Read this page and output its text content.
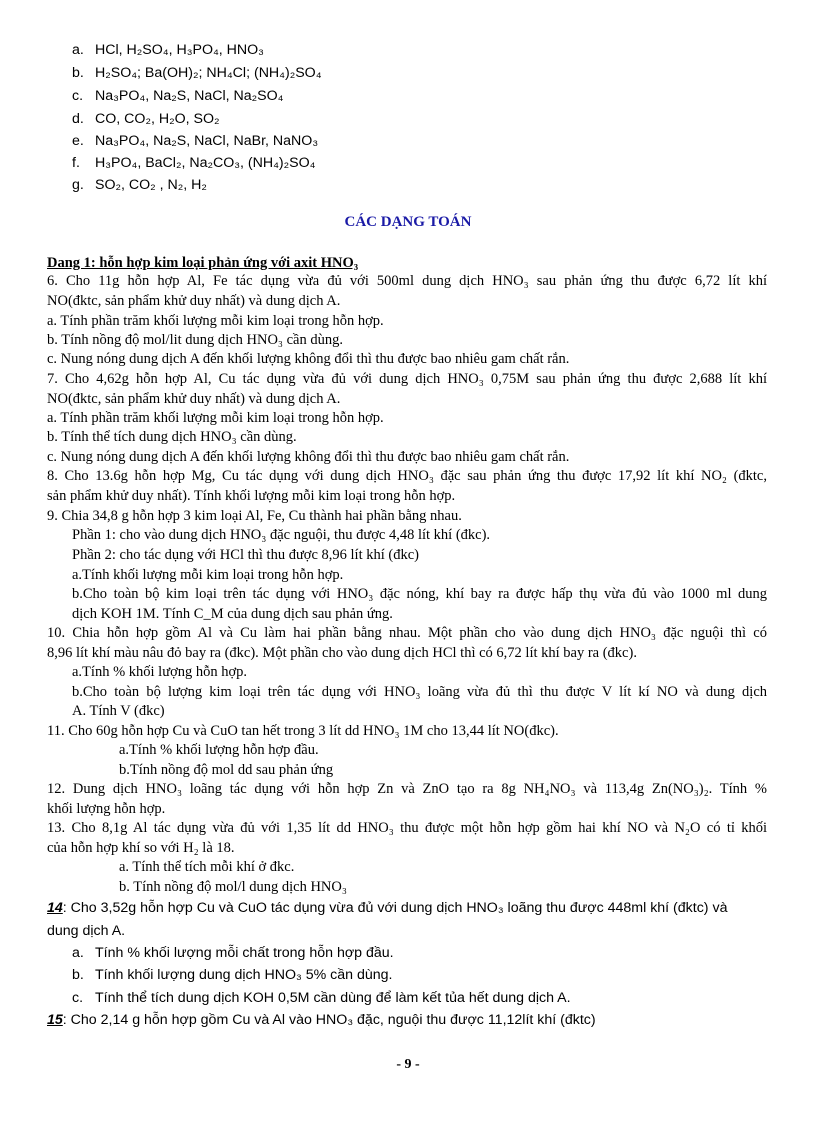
a. HCl, H₂SO₄, H₃PO₄, HNO₃
b. H₂SO₄; Ba(OH)₂; NH₄Cl; (NH₄)₂SO₄
c. Na₃PO₄, Na₂S, NaCl, Na₂SO₄
d. CO, CO₂, H₂O, SO₂
e. Na₃PO₄, Na₂S, NaCl, NaBr, NaNO₃
f. H₃PO₄, BaCl₂, Na₂CO₃, (NH₄)₂SO₄
g. SO₂, CO₂ , N₂, H₂
CÁC DẠNG TOÁN
Dang 1: hỗn hợp kim loại phản ứng với axit HNO₃
6. Cho 11g hỗn hợp Al, Fe tác dụng vừa đủ với 500ml dung dịch HNO₃ sau phản ứng thu được 6,72 lít khí
NO(đktc, sản phẩm khử duy nhất) và dung dịch A.
a. Tính phần trăm khối lượng mỗi kim loại trong hỗn hợp.
b. Tính nồng độ mol/lit dung dịch HNO₃ cần dùng.
c. Nung nóng dung dịch A đến khối lượng không đổi thì thu được bao nhiêu gam chất rắn.
7. Cho 4,62g hỗn hợp Al, Cu tác dụng vừa đủ với dung dịch HNO₃ 0,75M sau phản ứng thu được 2,688 lít khí
NO(đktc, sản phẩm khử duy nhất) và dung dịch A.
a. Tính phần trăm khối lượng mỗi kim loại trong hỗn hợp.
b. Tính thể tích dung dịch HNO₃ cần dùng.
c. Nung nóng dung dịch A đến khối lượng không đổi thì thu được bao nhiêu gam chất rắn.
8. Cho 13.6g hỗn hợp Mg, Cu tác dụng với dung dịch HNO₃ đặc sau phản ứng thu được 17,92 lít khí NO₂ (đktc,
sản phẩm khử duy nhất). Tính khối lượng mỗi kim loại trong hỗn hợp.
9. Chia 34,8 g hỗn hợp 3 kim loại Al, Fe, Cu thành hai phần bằng nhau.
Phần 1: cho vào dung dịch HNO₃ đặc nguội, thu được 4,48 lít khí (đkc).
Phần 2: cho tác dụng với HCl thì thu được 8,96 lít khí (đkc)
a.Tính khối lượng mỗi kim loại trong hỗn hợp.
b.Cho toàn bộ kim loại trên tác dụng với HNO₃ đặc nóng, khí bay ra được hấp thụ vừa đủ vào 1000 ml dung
dịch KOH 1M. Tính C_M của dung dịch sau phản ứng.
10. Chia hỗn hợp gồm Al và Cu làm hai phần bằng nhau. Một phần cho vào dung dịch HNO₃ đặc nguội thì có
8,96 lít khí màu nâu đỏ bay ra (đkc). Một phần cho vào dung dịch HCl thì có 6,72 lít khí bay ra (đkc).
a.Tính % khối lượng hỗn hợp.
b.Cho toàn bộ lượng kim loại trên tác dụng với HNO₃ loãng vừa đủ thì thu được V lít kí NO và dung dịch
A. Tính V (đkc)
11. Cho 60g hỗn hợp Cu và CuO tan hết trong 3 lít dd HNO₃ 1M cho 13,44 lít NO(đkc).
a.Tính % khối lượng hỗn hợp đầu.
b.Tính nồng độ mol dd sau phản ứng
12. Dung dịch HNO₃ loãng tác dụng với hỗn hợp Zn và ZnO tạo ra 8g NH₄NO₃ và 113,4g Zn(NO₃)₂. Tính %
khối lượng hỗn hợp.
13. Cho 8,1g Al tác dụng vừa đủ với 1,35 lít dd HNO₃ thu được một hỗn hợp gồm hai khí NO và N₂O có tỉ khối
của hỗn hợp khí so với H₂ là 18.
a. Tính thể tích mỗi khí ở đkc.
b. Tính nồng độ mol/l dung dịch HNO₃
14: Cho 3,52g hỗn hợp Cu và CuO tác dụng vừa đủ với dung dịch HNO₃ loãng thu được 448ml khí (đktc) và
dung dịch A.
a. Tính % khối lượng mỗi chất trong hỗn hợp đầu.
b. Tính khối lượng dung dịch HNO₃ 5% cần dùng.
c. Tính thể tích dung dịch KOH 0,5M cần dùng để làm kết tủa hết dung dịch A.
15: Cho 2,14 g hỗn hợp gồm Cu và Al vào HNO₃ đặc, nguội thu được 11,12lít khí (đktc)
- 9 -
